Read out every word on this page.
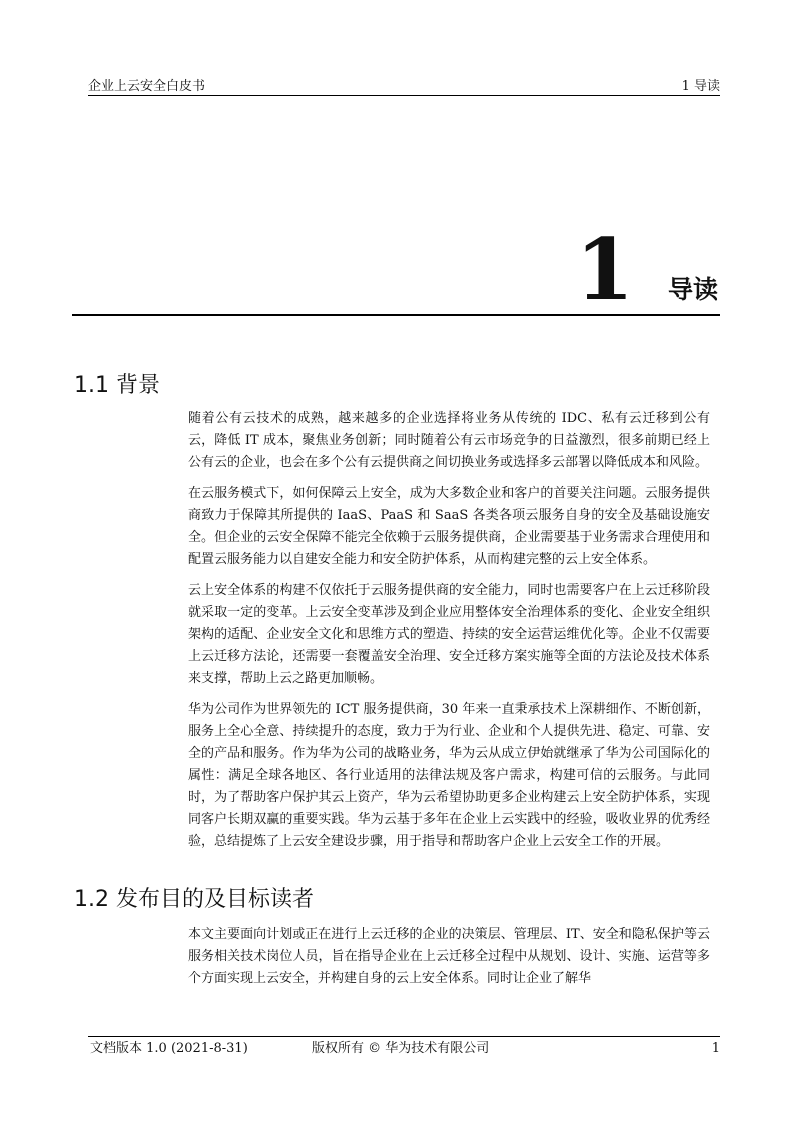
企业上云安全白皮书	1 导读
1 导读
1.1 背景

随着公有云技术的成熟，越来越多的企业选择将业务从传统的 IDC、私有云迁移到公有云，降低 IT 成本，聚焦业务创新；同时随着公有云市场竞争的日益激烈，很多前期已经上公有云的企业，也会在多个公有云提供商之间切换业务或选择多云部署以降低成本和风险。

在云服务模式下，如何保障云上安全，成为大多数企业和客户的首要关注问题。云服务提供商致力于保障其所提供的 IaaS、PaaS 和 SaaS 各类各项云服务自身的安全及基础设施安全。但企业的云安全保障不能完全依赖于云服务提供商，企业需要基于业务需求合理使用和配置云服务能力以自建安全能力和安全防护体系，从而构建完整的云上安全体系。

云上安全体系的构建不仅依托于云服务提供商的安全能力，同时也需要客户在上云迁移阶段就采取一定的变革。上云安全变革涉及到企业应用整体安全治理体系的变化、企业安全组织架构的适配、企业安全文化和思维方式的塑造、持续的安全运营运维优化等。企业不仅需要上云迁移方法论，还需要一套覆盖安全治理、安全迁移方案实施等全面的方法论及技术体系来支撑，帮助上云之路更加顺畅。

华为公司作为世界领先的 ICT 服务提供商，30 年来一直秉承技术上深耕细作、不断创新，服务上全心全意、持续提升的态度，致力于为行业、企业和个人提供先进、稳定、可靠、安全的产品和服务。作为华为公司的战略业务，华为云从成立伊始就继承了华为公司国际化的属性：满足全球各地区、各行业适用的法律法规及客户需求，构建可信的云服务。与此同时，为了帮助客户保护其云上资产，华为云希望协助更多企业构建云上安全防护体系，实现同客户长期双赢的重要实践。华为云基于多年在企业上云实践中的经验，吸收业界的优秀经验，总结提炼了上云安全建设步骤，用于指导和帮助客户企业上云安全工作的开展。

1.2 发布目的及目标读者

本文主要面向计划或正在进行上云迁移的企业的决策层、管理层、IT、安全和隐私保护等云服务相关技术岗位人员，旨在指导企业在上云迁移全过程中从规划、设计、实施、运营等多个方面实现上云安全，并构建自身的云上安全体系。同时让企业了解华

文档版本 1.0 (2021-8-31)	版权所有 © 华为技术有限公司	1
